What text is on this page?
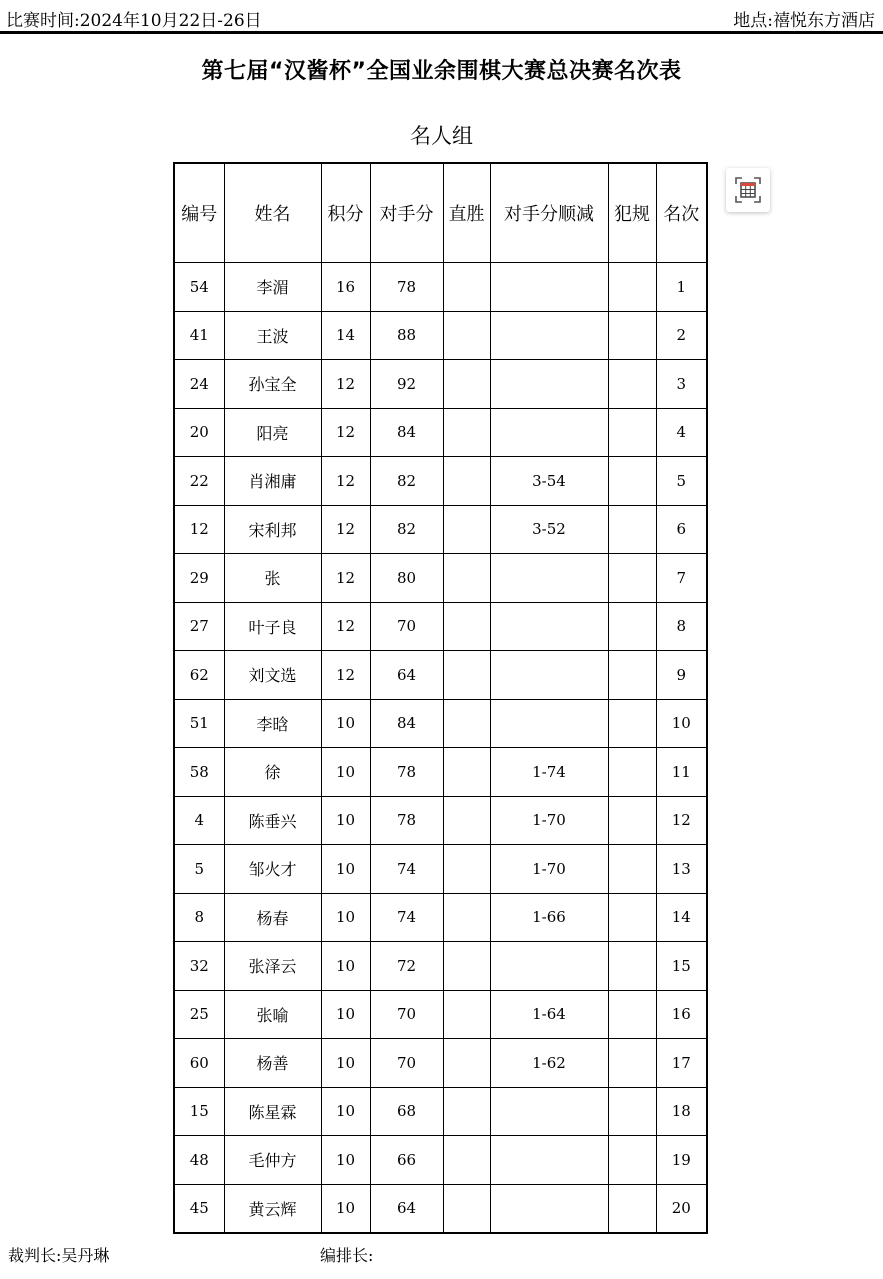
比赛时间:2024年10月22日-26日	地点:禧悦东方酒店
第七届“汉酱杯”全国业余围棋大赛总决赛名次表
名人组
编号	姓名	积分	对手分	直胜	对手分顺减	犯规	名次
54	李湄	16	78				1
41	王波	14	88				2
24	孙宝全	12	92				3
20	阳亮	12	84				4
22	肖湘庸	12	82		3-54		5
12	宋利邦	12	82		3-52		6
29	张	12	80				7
27	叶子良	12	70				8
62	刘文选	12	64				9
51	李晗	10	84				10
58	徐	10	78		1-74		11
4	陈垂兴	10	78		1-70		12
5	邹火才	10	74		1-70		13
8	杨春	10	74		1-66		14
32	张泽云	10	72				15
25	张喻	10	70		1-64		16
60	杨善	10	70		1-62		17
15	陈星霖	10	68				18
48	毛仲方	10	66				19
45	黄云辉	10	64				20
裁判长:吴丹琳	编排长:
